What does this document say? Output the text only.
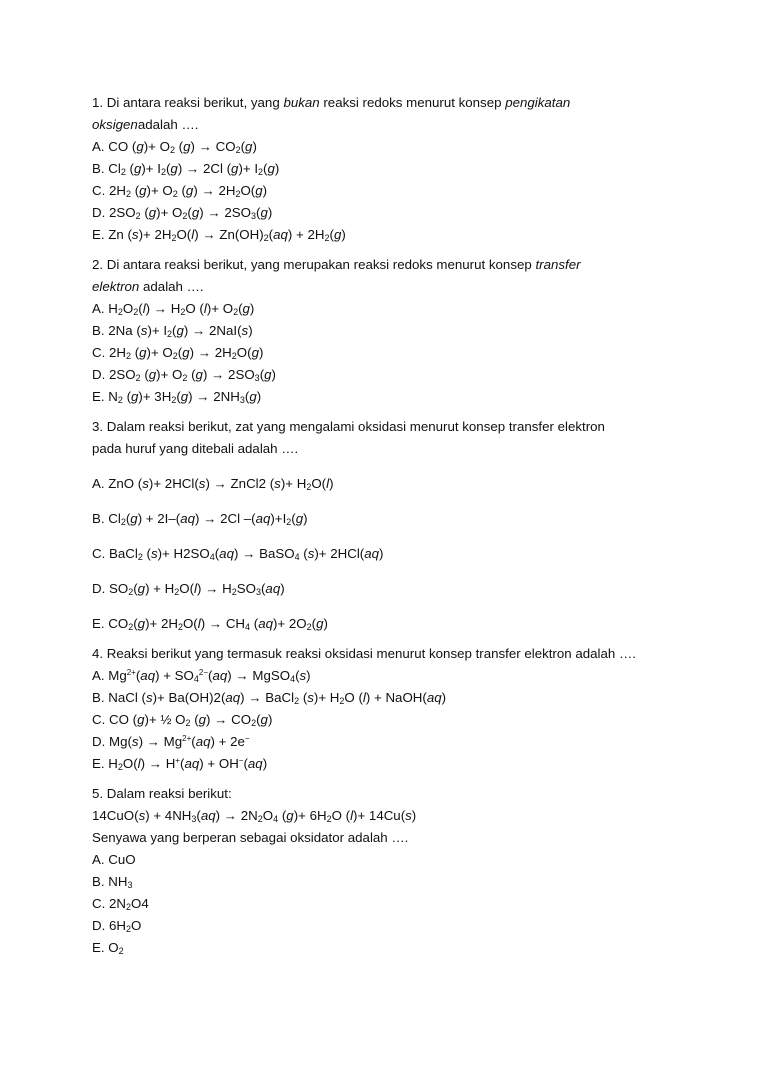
1. Di antara reaksi berikut, yang bukan reaksi redoks menurut konsep pengikatan
oksigenadalah ….
A. CO $(g)+ O_2$ $(g) \to CO_2(g)$
B. $Cl_2$ $(g)+ I_2(g) \to 2Cl$ $(g)+ I_2(g)$
C. $2H_2$ $(g)+ O_2$ $(g) \to 2H_2O(g)$
D. $2SO_2$ $(g)+ O_2(g) \to 2SO_3(g)$
E. Zn $(s)+ 2H_2O(l) \to Zn(OH)_2(aq) + 2H_2(g)$
2. Di antara reaksi berikut, yang merupakan reaksi redoks menurut konsep transfer
elektron adalah ….
A. $H_2O_2(l) \to H_2O$ $(l)+ O_2(g)$
B. 2Na $(s)+ I_2(g) \to 2NaI(s)$
C. $2H_2$ $(g)+ O_2(g) \to 2H_2O(g)$
D. $2SO_2$ $(g)+ O_2$ $(g) \to 2SO_3(g)$
E. $N_2$ $(g)+ 3H_2(g) \to 2NH_3(g)$
3. Dalam reaksi berikut, zat yang mengalami oksidasi menurut konsep transfer elektron
pada huruf yang ditebali adalah ….
A. ZnO (s)+ 2HCl(s) → ZnCl2 $(s)+ H_2O(l)$
B. $Cl_2(g) + 2I-(aq) \to 2Cl$ $-(aq)+I_2(g)$
C. BaCl$_2$ $(s)+ H2SO_4(aq)$ → BaSO$_4$ (s)+ 2HCl(aq)
D. $SO_2(g) + H_2O(l) \to H_2SO_3(aq)$
E. $CO_2(g)+ 2H_2O(l) \to CH_4$ $(aq)+ 2O_2(g)$
4. Reaksi berikut yang termasuk reaksi oksidasi menurut konsep transfer elektron adalah ….
A. $Mg^{2+}(aq) + SO_4^{2-}(aq)$ → MgSO$_4$(s)
B. NaCl (s)+ Ba(OH)2(aq) → BaCl$_2$ $(s)+ H_2O$ (l) + NaOH(aq)
C. CO (g)+ ½ $O_2$ $(g) \to CO_2(g)$
D. $Mg(s) \to Mg^{2+}(aq) + 2e^-$
E. $H_2O(l) \to H^+(aq) + OH^-(aq)$
5. Dalam reaksi berikut:
$14CuO(s) + 4NH_3(aq) \to 2N_2O_4$ $(g)+ 6H_2O$ (l)+ 14Cu(s)
Senyawa yang berperan sebagai oksidator adalah ….
A. CuO
B. $NH_3$
C. $2N_2O4$
D. $6H_2O$
E. $O_2$
